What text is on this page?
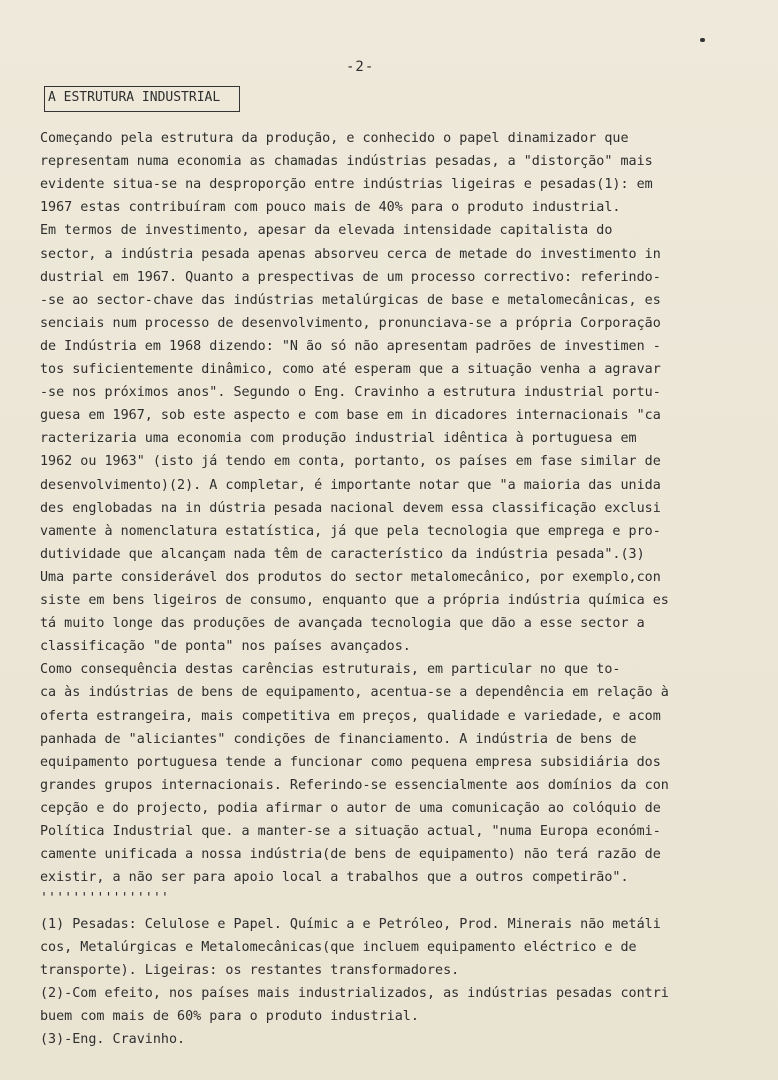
-2-
A ESTRUTURA INDUSTRIAL
Começando pela estrutura da produção, e conhecido o papel dinamizador que
representam numa economia as chamadas indústrias pesadas, a "distorção" mais
evidente situa-se na desproporção entre indústrias ligeiras e pesadas(1): em
1967 estas contribuíram com pouco mais de 40% para o produto industrial.
Em termos de investimento, apesar da elevada intensidade capitalista do
sector, a indústria pesada apenas absorveu cerca de metade do investimento in
dustrial em 1967. Quanto a prespectivas de um processo correctivo: referindo-
-se ao sector-chave das indústrias metalúrgicas de base e metalomecânicas, es
senciais num processo de desenvolvimento, pronunciava-se a própria Corporação
de Indústria em 1968 dizendo: "N ão só não apresentam padrões de investimen -
tos suficientemente dinâmico, como até esperam que a situação venha a agravar
-se nos próximos anos". Segundo o Eng. Cravinho a estrutura industrial portu-
guesa em 1967, sob este aspecto e com base em in dicadores internacionais "ca
racterizaria uma economia com produção industrial idêntica à portuguesa em
1962 ou 1963" (isto já tendo em conta, portanto, os países em fase similar de
desenvolvimento)(2). A completar, é importante notar que "a maioria das unida
des englobadas na in dústria pesada nacional devem essa classificação exclusi
vamente à nomenclatura estatística, já que pela tecnologia que emprega e pro-
dutividade que alcançam nada têm de característico da indústria pesada".(3)
Uma parte considerável dos produtos do sector metalomecânico, por exemplo,con
siste em bens ligeiros de consumo, enquanto que a própria indústria química es
tá muito longe das produções de avançada tecnologia que dão a esse sector a
classificação "de ponta" nos países avançados.
Como consequência destas carências estruturais, em particular no que to-
ca às indústrias de bens de equipamento, acentua-se a dependência em relação à
oferta estrangeira, mais competitiva em preços, qualidade e variedade, e acom
panhada de "aliciantes" condições de financiamento. A indústria de bens de
equipamento portuguesa tende a funcionar como pequena empresa subsidiária dos
grandes grupos internacionais. Referindo-se essencialmente aos domínios da con
cepção e do projecto, podia afirmar o autor de uma comunicação ao colóquio de
Política Industrial que. a manter-se a situação actual, "numa Europa económi-
camente unificada a nossa indústria(de bens de equipamento) não terá razão de
existir, a não ser para apoio local a trabalhos que a outros competirão".
''''''''''''''''
(1) Pesadas: Celulose e Papel. Químic a e Petróleo, Prod. Minerais não metáli
cos, Metalúrgicas e Metalomecânicas(que incluem equipamento eléctrico e de
transporte). Ligeiras: os restantes transformadores.
(2)-Com efeito, nos países mais industrializados, as indústrias pesadas contri
buem com mais de 60% para o produto industrial.
(3)-Eng. Cravinho.
